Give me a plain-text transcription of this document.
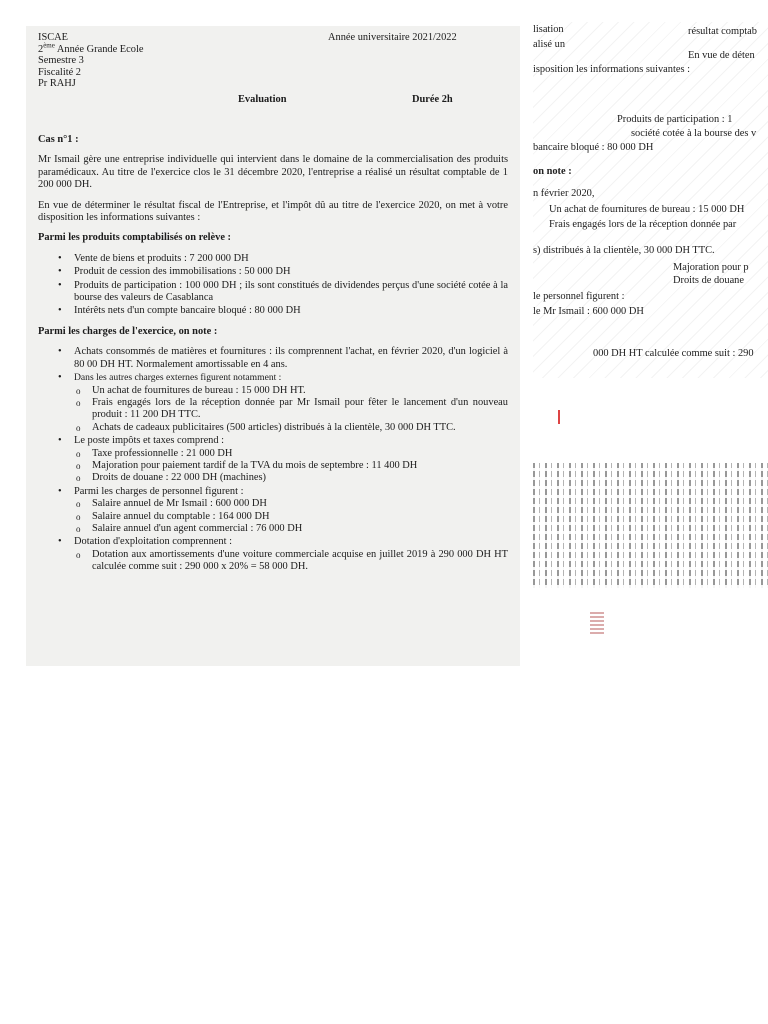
ISCAE
2ème Année Grande Ecole
Semestre 3
Fiscalité 2
Pr RAHJ
Année universitaire 2021/2022
Evaluation	Durée 2h
Cas n°1 :

Mr Ismail gère une entreprise individuelle qui intervient dans le domaine de la commercialisation des produits paramédicaux. Au titre de l'exercice clos le 31 décembre 2020, l'entreprise a réalisé un résultat comptable de 1 200 000 DH.

En vue de déterminer le résultat fiscal de l'Entreprise, et l'impôt dû au titre de l'exercice 2020, on met à votre disposition les informations suivantes :

Parmi les produits comptabilisés on relève :
• Vente de biens et produits : 7 200 000 DH
• Produit de cession des immobilisations : 50 000 DH
• Produits de participation : 100 000 DH ; ils sont constitués de dividendes perçus d'une société cotée à la bourse des valeurs de Casablanca
• Intérêts nets d'un compte bancaire bloqué : 80 000 DH
Parmi les charges de l'exercice, on note :
• Achats consommés de matières et fournitures : ils comprennent l'achat, en février 2020, d'un logiciel à 80 00 DH HT. Normalement amortissable en 4 ans.
• Dans les autres charges externes figurent notamment :
o Un achat de fournitures de bureau : 15 000 DH HT.
o Frais engagés lors de la réception donnée par Mr Ismail pour fêter le lancement d'un nouveau produit : 11 200 DH TTC.
o Achats de cadeaux publicitaires (500 articles) distribués à la clientèle, 30 000 DH TTC.
• Le poste impôts et taxes comprend :
o Taxe professionnelle : 21 000 DH
o Majoration pour paiement tardif de la TVA du mois de septembre : 11 400 DH
o Droits de douane : 22 000 DH (machines)
• Parmi les charges de personnel figurent :
o Salaire annuel de Mr Ismail : 600 000 DH
o Salaire annuel du comptable : 164 000 DH
o Salaire annuel d'un agent commercial : 76 000 DH
• Dotation d'exploitation comprennent :
o Dotation aux amortissements d'une voiture commerciale acquise en juillet 2019 à 290 000 DH HT calculée comme suit : 290 000 x 20% = 58 000 DH.
lisation	résultat comptab
alisé un
En vue de déten
isposition les informations suivantes :
Produits de participation : 1
société cotée à la bourse des v
bancaire bloqué : 80 000 DH
on note :
n février 2020,
Un achat de fournitures de bureau : 15 000 DH
Frais engagés lors de la réception donnée par
s) distribués à la clientèle, 30 000 DH TTC.
Majoration pour p
Droits de douane
le personnel figurent :
le Mr Ismail : 600 000 DH
000 DH HT calculée comme suit : 290
